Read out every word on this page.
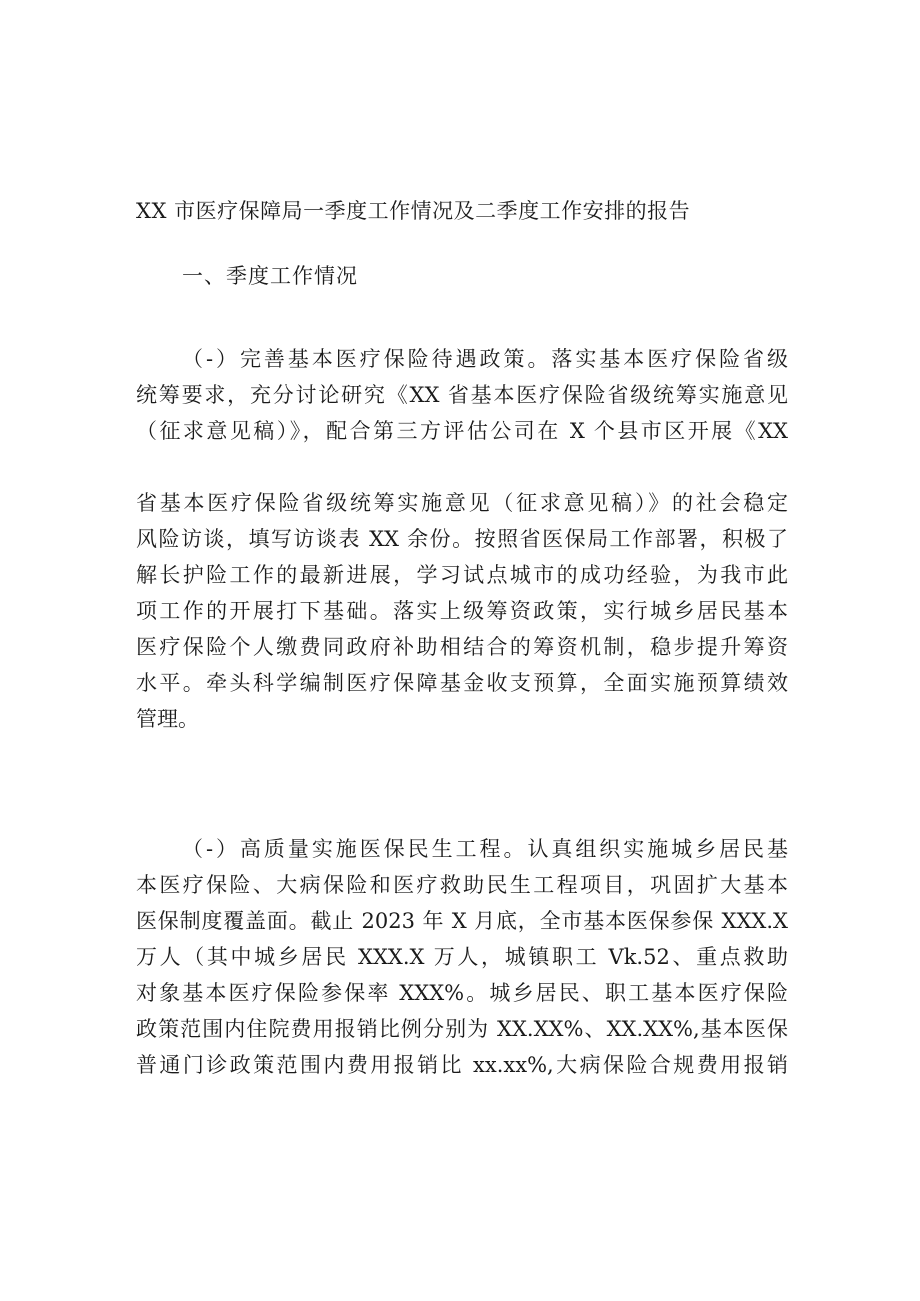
XX 市医疗保障局一季度工作情况及二季度工作安排的报告
一、季度工作情况
（-）完善基本医疗保险待遇政策。落实基本医疗保险省级
统筹要求，充分讨论研究《XX 省基本医疗保险省级统筹实施意见
（征求意见稿）》，配合第三方评估公司在 X 个县市区开展《XX
省基本医疗保险省级统筹实施意见（征求意见稿）》的社会稳定
风险访谈，填写访谈表 XX 余份。按照省医保局工作部署，积极了
解长护险工作的最新进展，学习试点城市的成功经验，为我市此
项工作的开展打下基础。落实上级筹资政策，实行城乡居民基本
医疗保险个人缴费同政府补助相结合的筹资机制，稳步提升筹资
水平。牵头科学编制医疗保障基金收支预算，全面实施预算绩效
管理。
（-）高质量实施医保民生工程。认真组织实施城乡居民基
本医疗保险、大病保险和医疗救助民生工程项目，巩固扩大基本
医保制度覆盖面。截止 2023 年 X 月底，全市基本医保参保 XXX.X
万人（其中城乡居民 XXX.X 万人，城镇职工 Vk.52、重点救助
对象基本医疗保险参保率 XXX%。城乡居民、职工基本医疗保险
政策范围内住院费用报销比例分别为 XX.XX%、XX.XX%,基本医保
普通门诊政策范围内费用报销比 xx.xx%,大病保险合规费用报销
